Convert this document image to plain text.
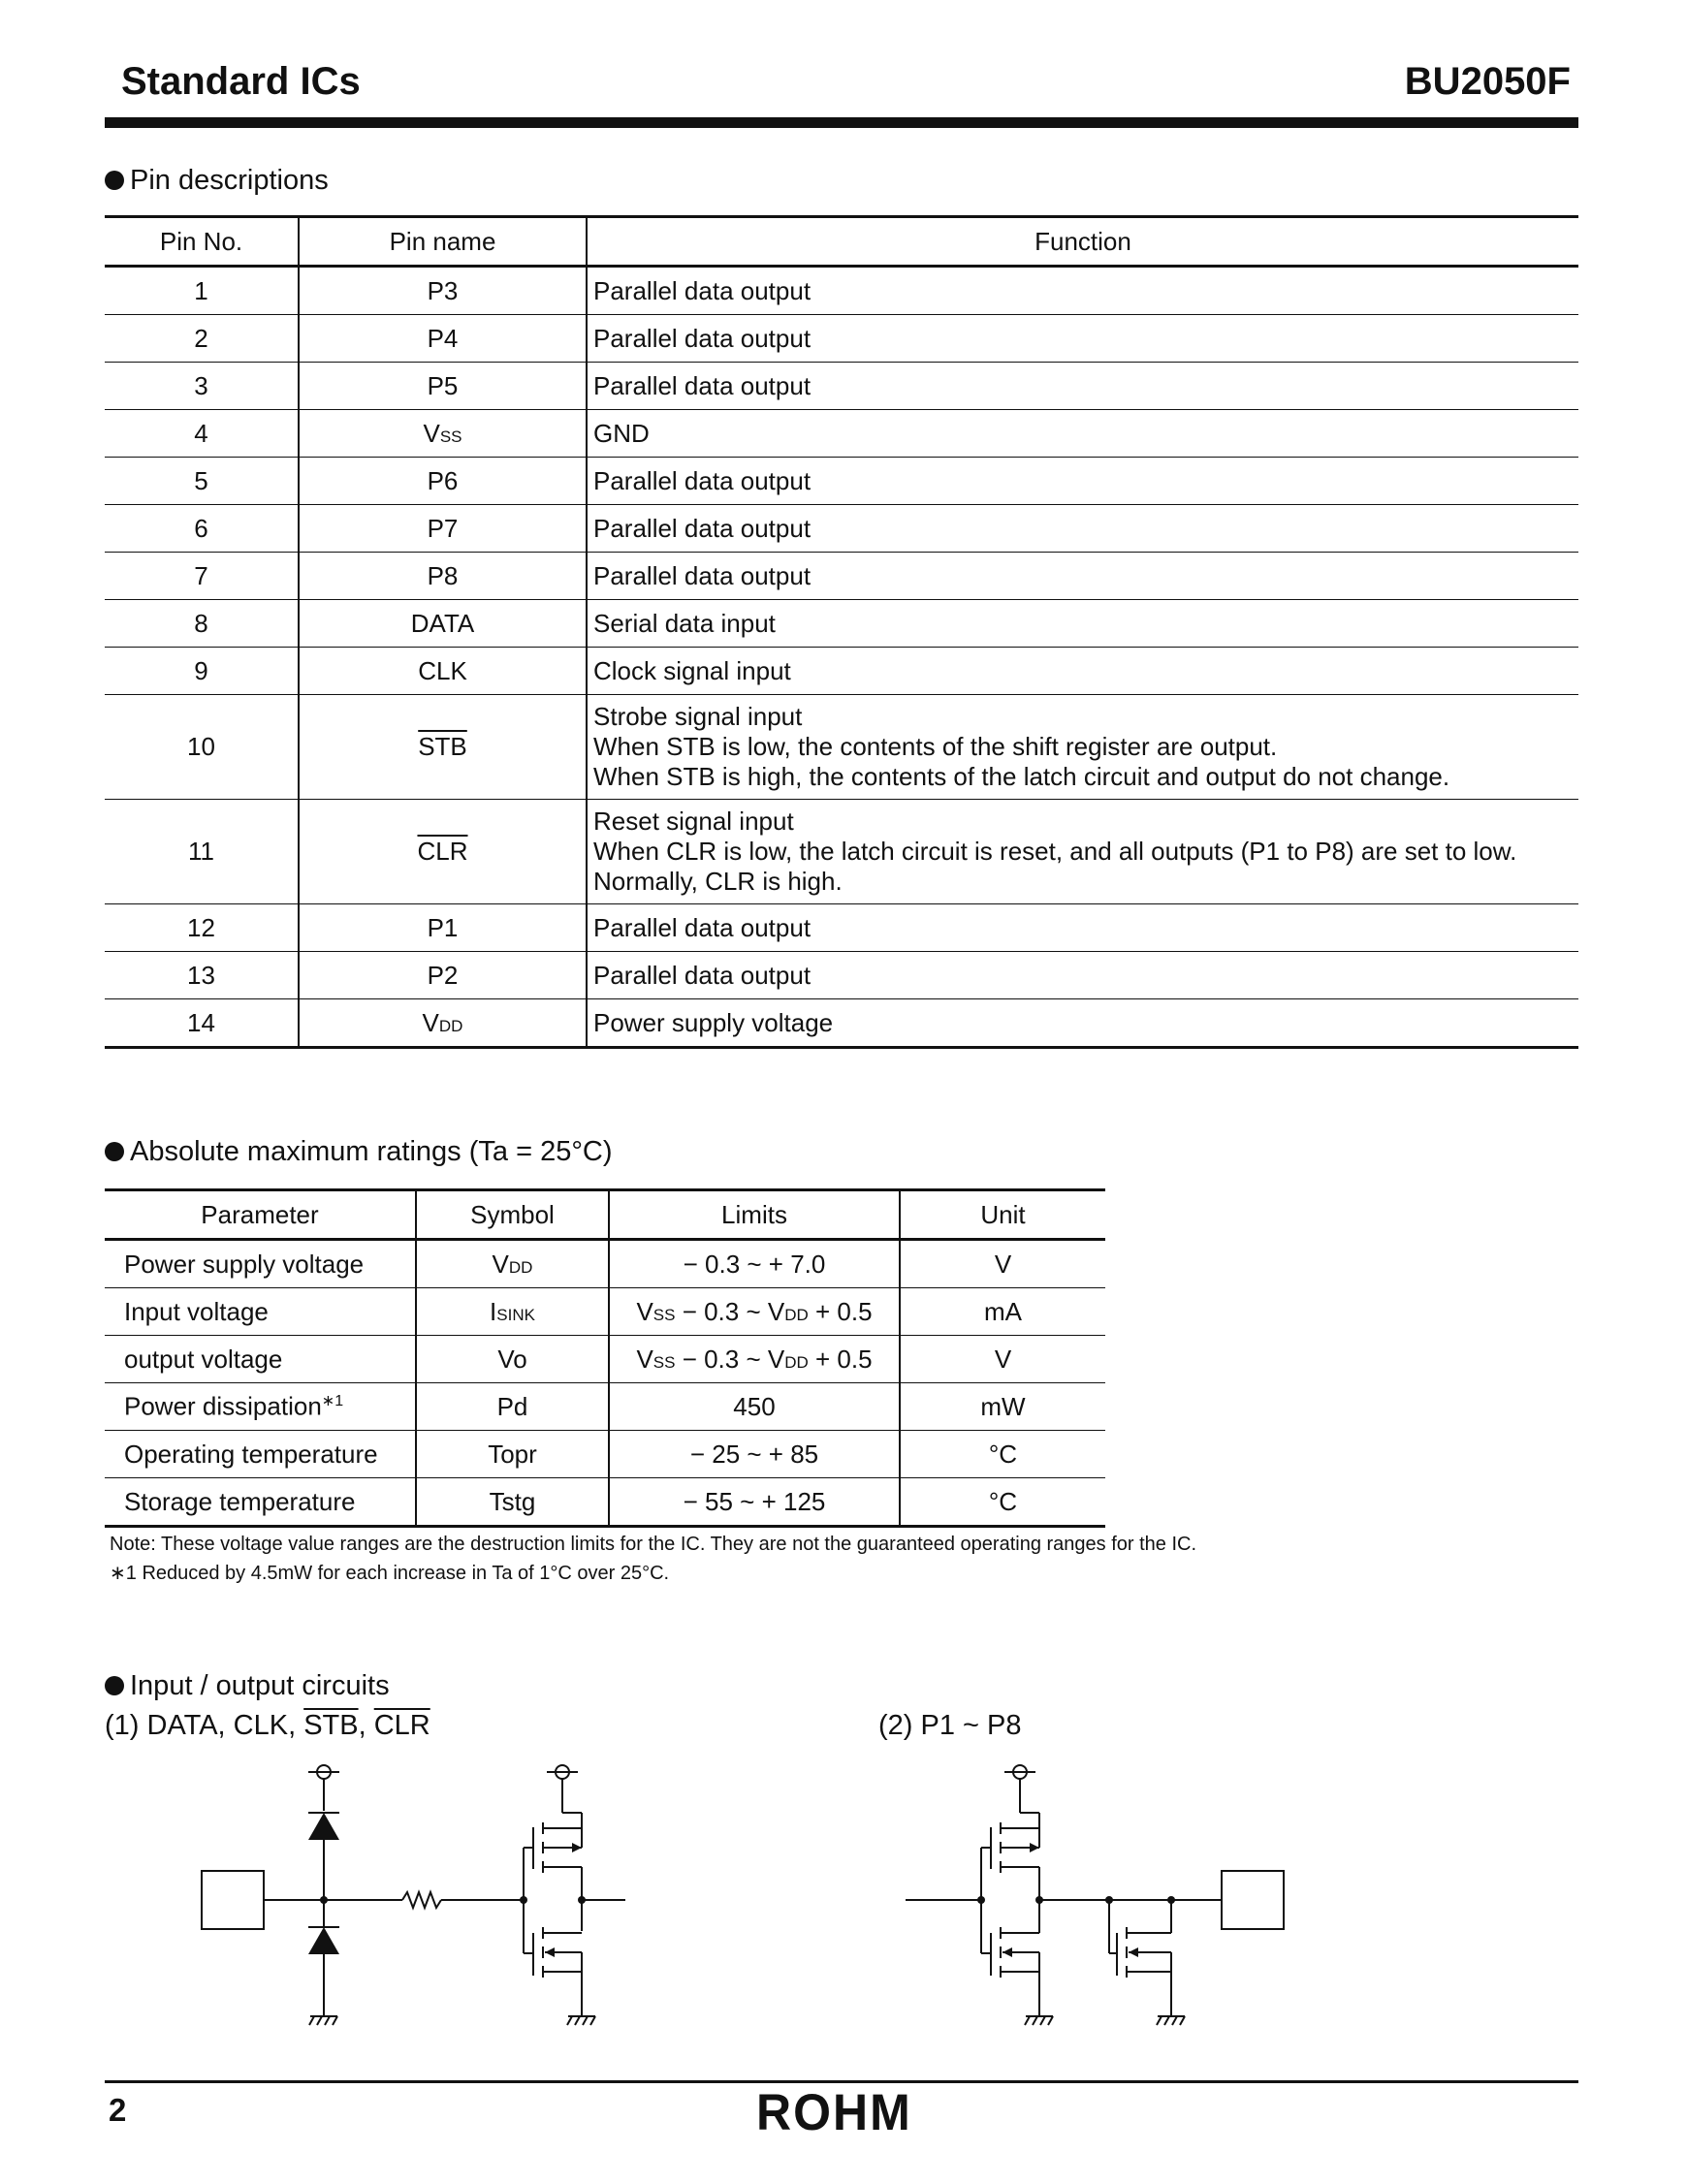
Standard ICs	BU2050F
Pin descriptions
Pin No.	Pin name	Function
1	P3	Parallel data output
2	P4	Parallel data output
3	P5	Parallel data output
4	VSS	GND
5	P6	Parallel data output
6	P7	Parallel data output
7	P8	Parallel data output
8	DATA	Serial data input
9	CLK	Clock signal input
10	$\overline{STB}$	Strobe signal input
When STB is low, the contents of the shift register are output.
When STB is high, the contents of the latch circuit and output do not change.

11	$\overline{CLR}$	Reset signal input
When CLR is low, the latch circuit is reset, and all outputs (P1 to P8) are set to low.
Normally, CLR is high.

12	P1	Parallel data output
13	P2	Parallel data output
14	VDD	Power supply voltage
Absolute maximum ratings (Ta = 25°C)
Parameter	Symbol	Limits	Unit
Power supply voltage	VDD	− 0.3 ~ + 7.0	V
Input voltage	ISINK	VSS − 0.3 ~ VDD + 0.5	mA
output voltage	Vo	VSS − 0.3 ~ VDD + 0.5	V
Power dissipation$^{∗1}$	Pd	450	mW
Operating temperature	Topr	− 25 ~ + 85	°C
Storage temperature	Tstg	− 55 ~ + 125	°C
Note: These voltage value ranges are the destruction limits for the IC. They are not the guaranteed operating ranges for the IC.
∗1 Reduced by 4.5mW for each increase in Ta of 1°C over 25°C.
Input / output circuits
(1) DATA, CLK, $\overline{STB}$, $\overline{CLR}$	(2) P1 ~ P8
2	ROHM
